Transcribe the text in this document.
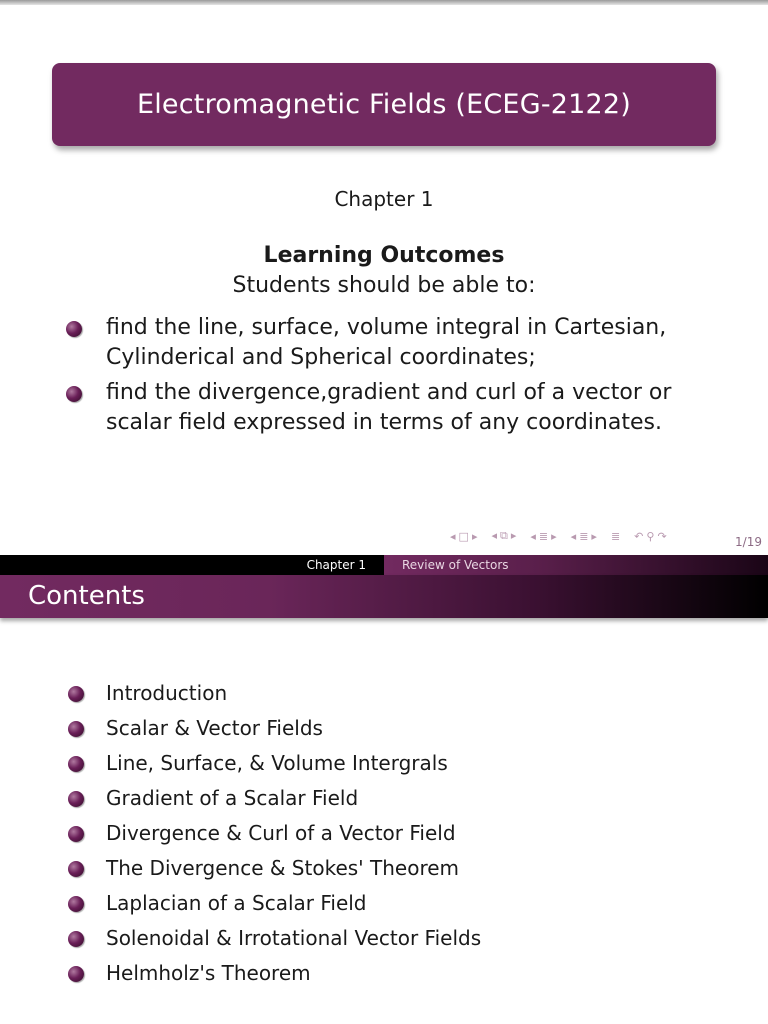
Electromagnetic Fields (ECEG-2122)
Chapter 1
Learning Outcomes
Students should be able to:
find the line, surface, volume integral in Cartesian, Cylinderical and Spherical coordinates;
find the divergence,gradient and curl of a vector or scalar field expressed in terms of any coordinates.
◂ □ ▸ ◂ ⧉ ▸ ◂ ≣ ▸ ◂ ≣ ▸ ≣ ↶ ⚲ ↷	1/19
Chapter 1	Review of Vectors
Contents
Introduction
Scalar & Vector Fields
Line, Surface, & Volume Intergrals
Gradient of a Scalar Field
Divergence & Curl of a Vector Field
The Divergence & Stokes' Theorem
Laplacian of a Scalar Field
Solenoidal & Irrotational Vector Fields
Helmholz's Theorem
